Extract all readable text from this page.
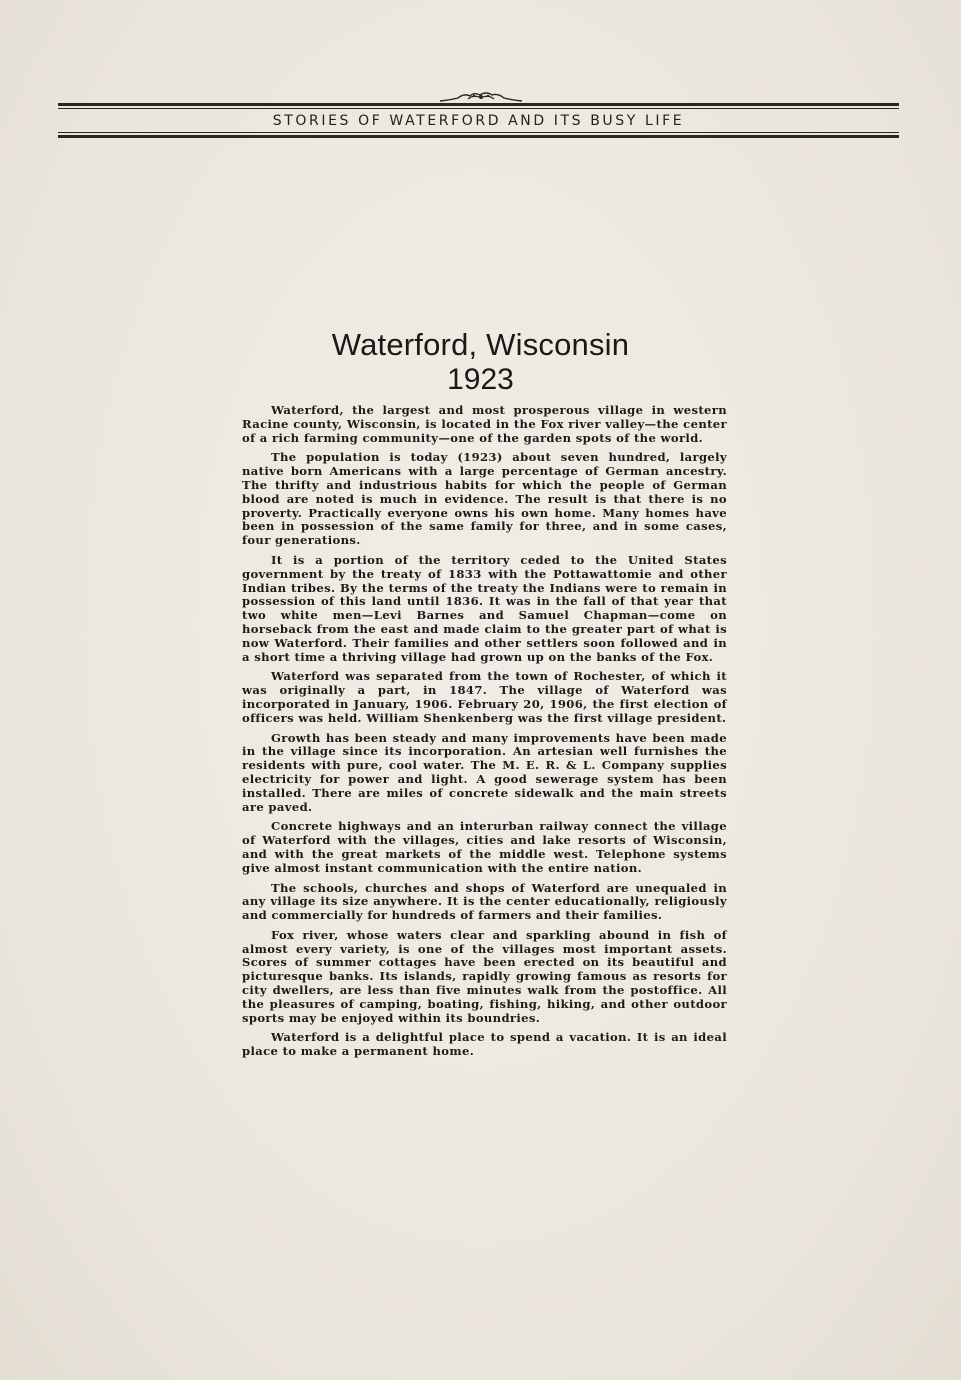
STORIES OF WATERFORD AND ITS BUSY LIFE
Waterford, Wisconsin
1923

Waterford, the largest and most prosperous village in western Racine county, Wisconsin, is located in the Fox river valley—the center of a rich farming community—one of the garden spots of the world.

The population is today (1923) about seven hundred, largely native born Americans with a large percentage of German ancestry. The thrifty and industrious habits for which the people of German blood are noted is much in evidence. The result is that there is no proverty. Practically everyone owns his own home. Many homes have been in possession of the same family for three, and in some cases, four generations.

It is a portion of the territory ceded to the United States government by the treaty of 1833 with the Pottawattomie and other Indian tribes. By the terms of the treaty the Indians were to remain in possession of this land until 1836. It was in the fall of that year that two white men—Levi Barnes and Samuel Chapman—come on horseback from the east and made claim to the greater part of what is now Waterford. Their families and other settlers soon followed and in a short time a thriving village had grown up on the banks of the Fox.

Waterford was separated from the town of Rochester, of which it was originally a part, in 1847. The village of Waterford was incorporated in January, 1906. February 20, 1906, the first election of officers was held. William Shenkenberg was the first village president.

Growth has been steady and many improvements have been made in the village since its incorporation. An artesian well furnishes the residents with pure, cool water. The M. E. R. & L. Company supplies electricity for power and light. A good sewerage system has been installed. There are miles of concrete sidewalk and the main streets are paved.

Concrete highways and an interurban railway connect the village of Waterford with the villages, cities and lake resorts of Wisconsin, and with the great markets of the middle west. Telephone systems give almost instant communication with the entire nation.

The schools, churches and shops of Waterford are unequaled in any village its size anywhere. It is the center educationally, religiously and commercially for hundreds of farmers and their families.

Fox river, whose waters clear and sparkling abound in fish of almost every variety, is one of the villages most important assets. Scores of summer cottages have been erected on its beautiful and picturesque banks. Its islands, rapidly growing famous as resorts for city dwellers, are less than five minutes walk from the postoffice. All the pleasures of camping, boating, fishing, hiking, and other outdoor sports may be enjoyed within its boundries.

Waterford is a delightful place to spend a vacation. It is an ideal place to make a permanent home.
